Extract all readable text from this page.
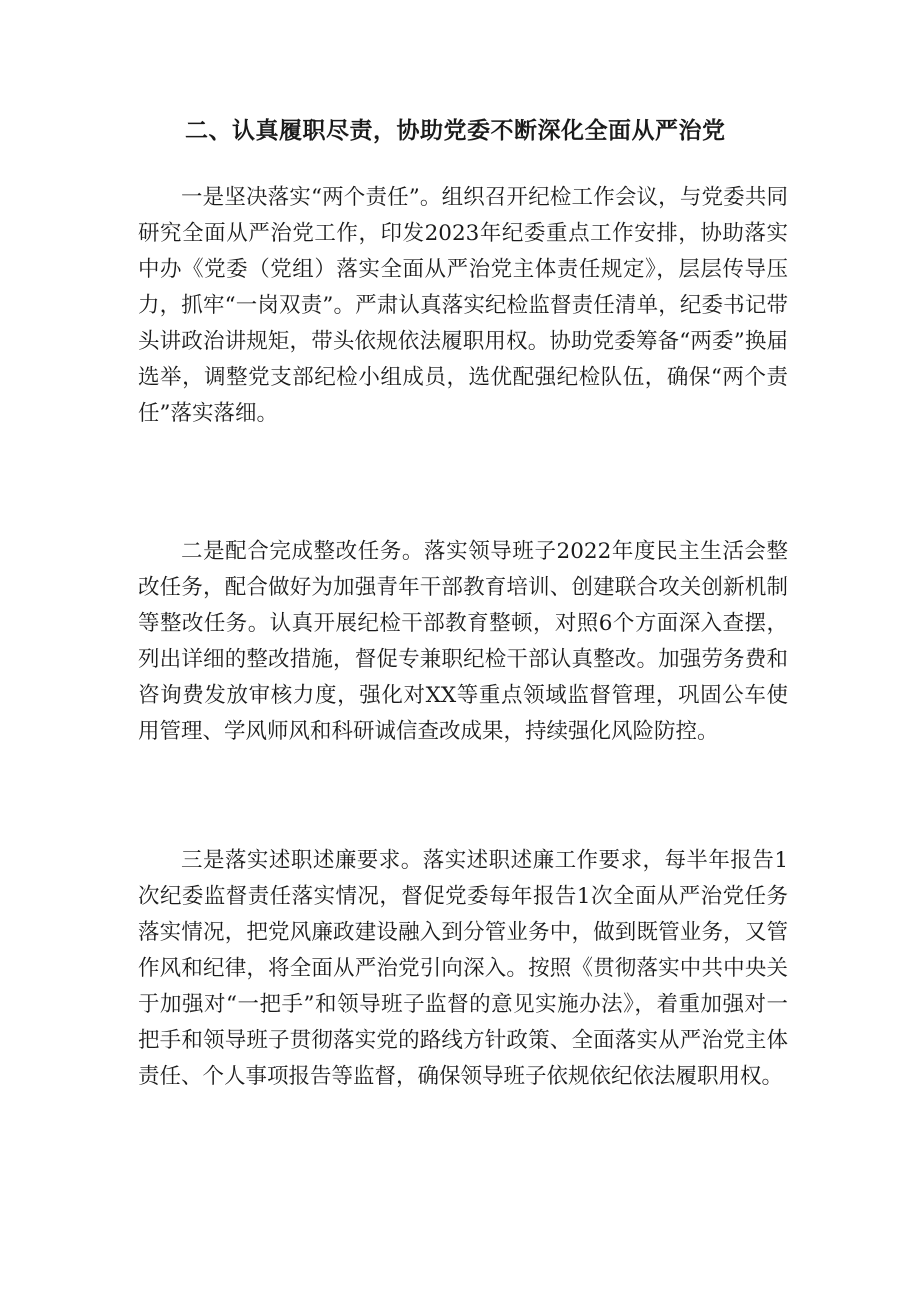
二、认真履职尽责，协助党委不断深化全面从严治党

一是坚决落实“两个责任”。组织召开纪检工作会议，与党委共同研究全面从严治党工作，印发2023年纪委重点工作安排，协助落实中办《党委（党组）落实全面从严治党主体责任规定》，层层传导压力，抓牢“一岗双责”。严肃认真落实纪检监督责任清单，纪委书记带头讲政治讲规矩，带头依规依法履职用权。协助党委筹备“两委”换届选举，调整党支部纪检小组成员，选优配强纪检队伍，确保“两个责任”落实落细。

二是配合完成整改任务。落实领导班子2022年度民主生活会整改任务，配合做好为加强青年干部教育培训、创建联合攻关创新机制等整改任务。认真开展纪检干部教育整顿，对照6个方面深入查摆，列出详细的整改措施，督促专兼职纪检干部认真整改。加强劳务费和咨询费发放审核力度，强化对XX等重点领域监督管理，巩固公车使用管理、学风师风和科研诚信查改成果，持续强化风险防控。

三是落实述职述廉要求。落实述职述廉工作要求，每半年报告1次纪委监督责任落实情况，督促党委每年报告1次全面从严治党任务落实情况，把党风廉政建设融入到分管业务中，做到既管业务，又管作风和纪律，将全面从严治党引向深入。按照《贯彻落实中共中央关于加强对“一把手”和领导班子监督的意见实施办法》，着重加强对一把手和领导班子贯彻落实党的路线方针政策、全面落实从严治党主体责任、个人事项报告等监督，确保领导班子依规依纪依法履职用权。
